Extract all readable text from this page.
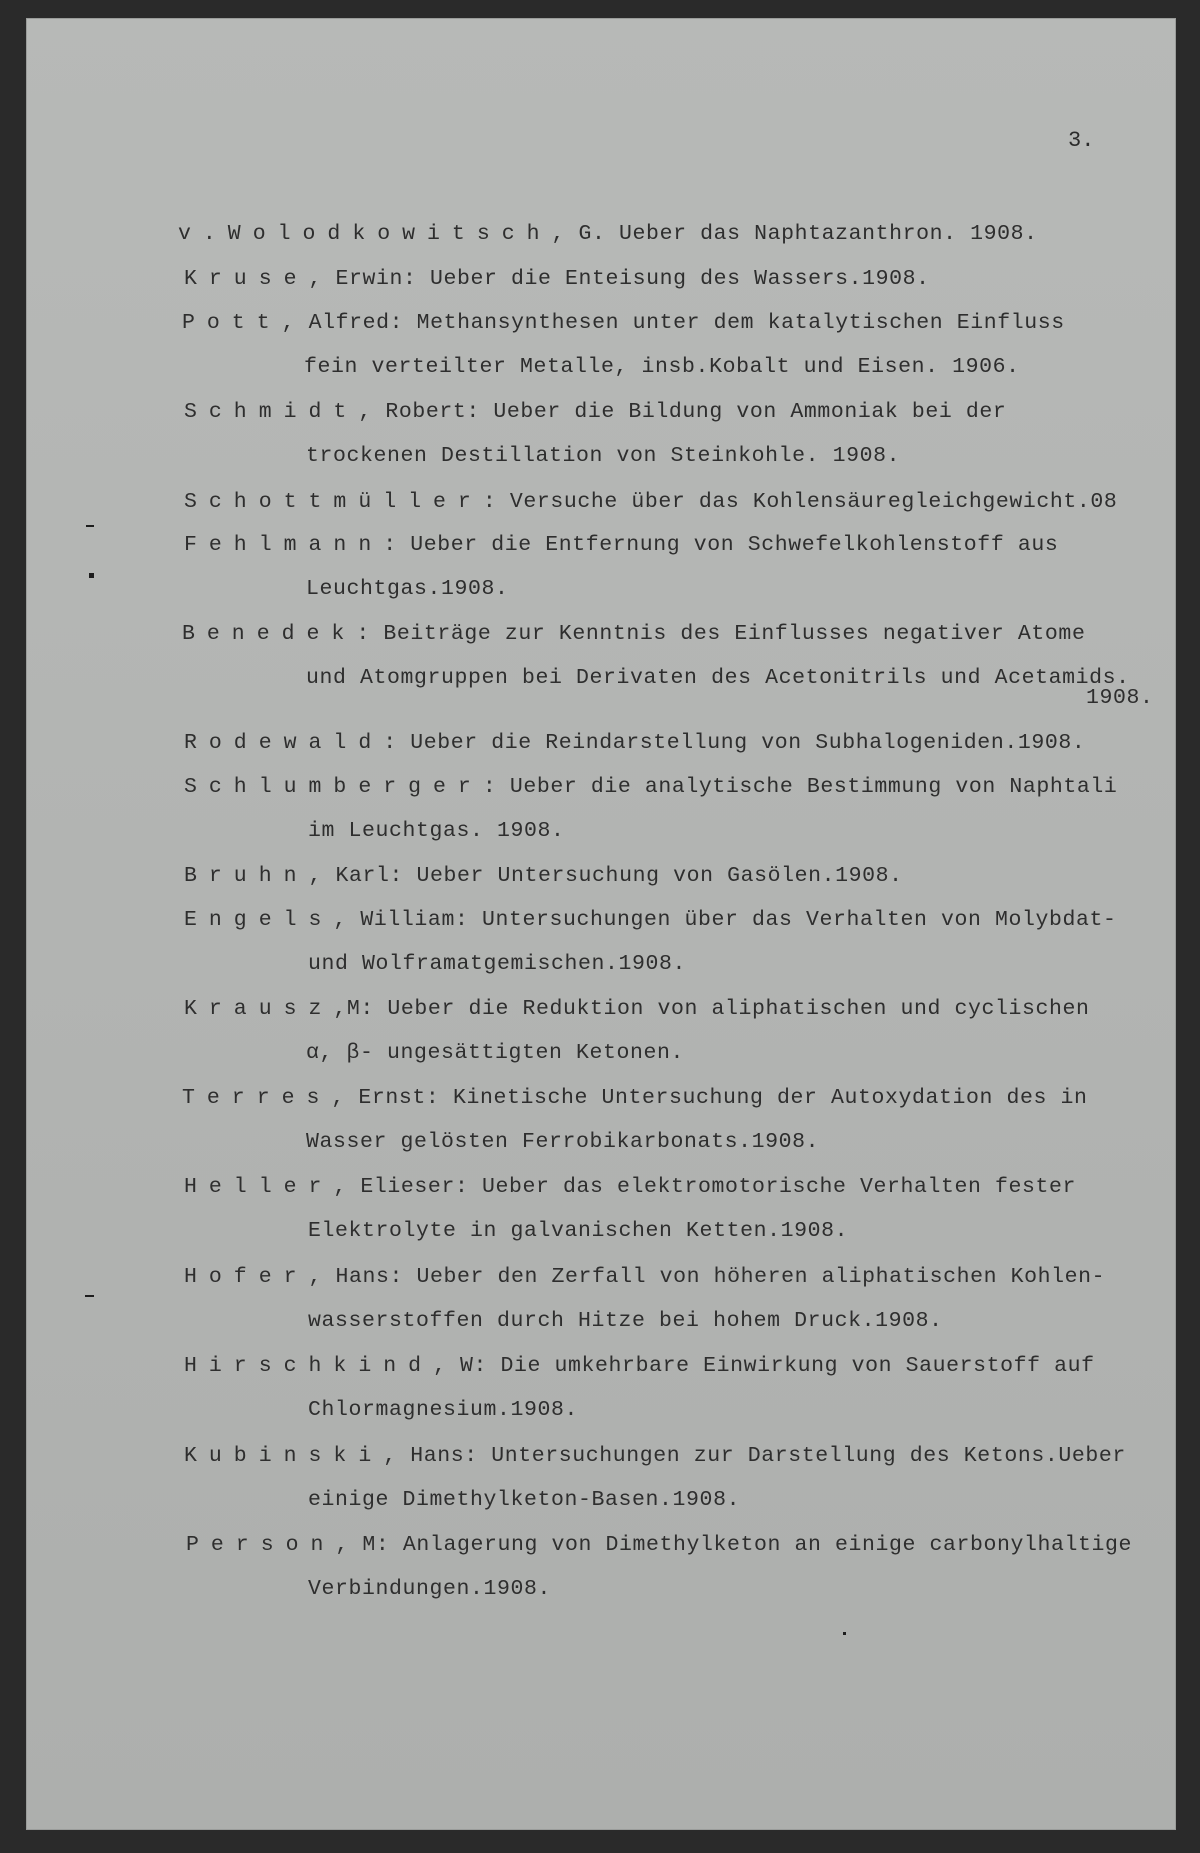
3.

v.Wolodkowitsch, G. Ueber das Naphtazanthron. 1908.

Kruse, Erwin: Ueber die Enteisung des Wassers.1908.

Pott, Alfred: Methansynthesen unter dem katalytischen Einfluss

fein verteilter Metalle, insb.Kobalt und Eisen. 1906.

Schmidt, Robert: Ueber die Bildung von Ammoniak bei der

trockenen Destillation von Steinkohle. 1908.

Schottmüller: Versuche über das Kohlensäuregleichgewicht.08

Fehlmann: Ueber die Entfernung von Schwefelkohlenstoff aus

Leuchtgas.1908.

Benedek: Beiträge zur Kenntnis des Einflusses negativer Atome

und Atomgruppen bei Derivaten des Acetonitrils und Acetamids.

1908.

Rodewald: Ueber die Reindarstellung von Subhalogeniden.1908.

Schlumberger: Ueber die analytische Bestimmung von Naphtali

im Leuchtgas. 1908.

Bruhn, Karl: Ueber Untersuchung von Gasölen.1908.

Engels, William: Untersuchungen über das Verhalten von Molybdat-

und Wolframatgemischen.1908.

Krausz,M: Ueber die Reduktion von aliphatischen und cyclischen

α, β- ungesättigten Ketonen.

Terres, Ernst: Kinetische Untersuchung der Autoxydation des in

Wasser gelösten Ferrobikarbonats.1908.

Heller, Elieser: Ueber das elektromotorische Verhalten fester

Elektrolyte in galvanischen Ketten.1908.

Hofer, Hans: Ueber den Zerfall von höheren aliphatischen Kohlen-

wasserstoffen durch Hitze bei hohem Druck.1908.

Hirschkind, W: Die umkehrbare Einwirkung von Sauerstoff auf

Chlormagnesium.1908.

Kubinski, Hans: Untersuchungen zur Darstellung des Ketons.Ueber

einige Dimethylketon-Basen.1908.

Person, M: Anlagerung von Dimethylketon an einige carbonylhaltige

Verbindungen.1908.
